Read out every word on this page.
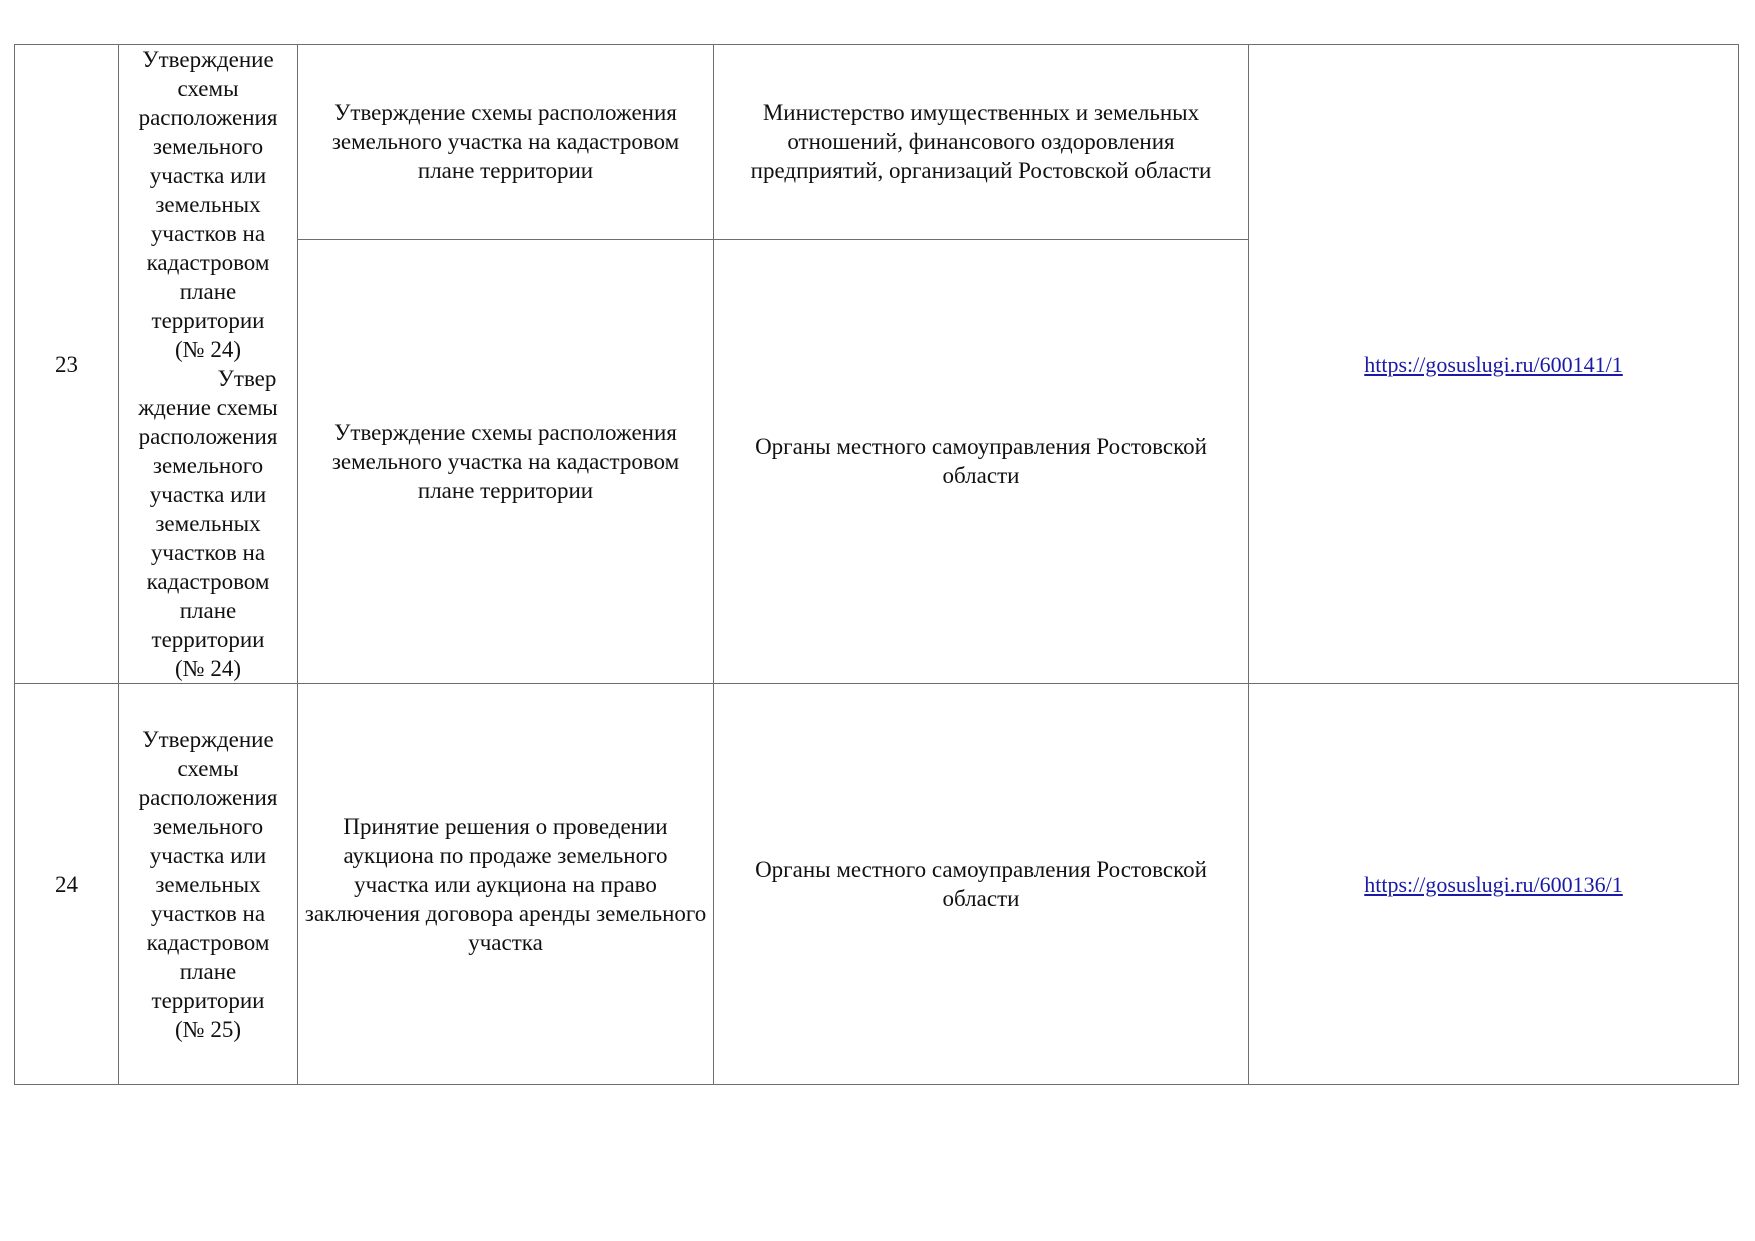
23	Утверждение схемы расположения земельного участка или земельных участков на кадастровом плане территории
(№ 24)
Утвер
ждение схемы расположения земельного участка или земельных участков на кадастровом плане территории
(№ 24)	Утверждение схемы расположения земельного участка на кадастровом плане территории	Министерство имущественных и земельных отношений, финансового оздоровления предприятий, организаций Ростовской области	https://gosuslugi.ru/600141/1
		Утверждение схемы расположения земельного участка на кадастровом плане территории	Органы местного самоуправления Ростовской области	
24	Утверждение схемы расположения земельного участка или земельных участков на кадастровом плане территории
(№ 25)	Принятие решения о проведении аукциона по продаже земельного участка или аукциона на право заключения договора аренды земельного участка	Органы местного самоуправления Ростовской области	https://gosuslugi.ru/600136/1
